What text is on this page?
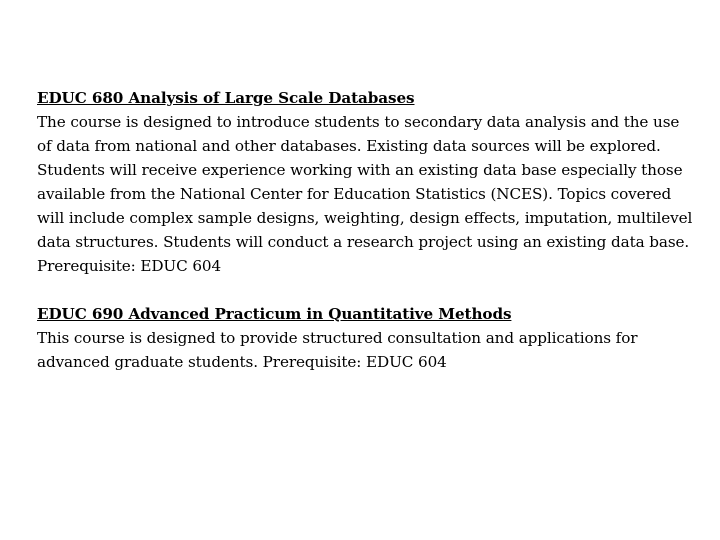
EDUC 680 Analysis of Large Scale Databases
The course is designed to introduce students to secondary data analysis and the use of data from national and other databases. Existing data sources will be explored. Students will receive experience working with an existing data base especially those available from the National Center for Education Statistics (NCES). Topics covered will include complex sample designs, weighting, design effects, imputation, multilevel data structures. Students will conduct a research project using an existing data base. Prerequisite: EDUC 604
EDUC 690 Advanced Practicum in Quantitative Methods
This course is designed to provide structured consultation and applications for advanced graduate students. Prerequisite: EDUC 604
